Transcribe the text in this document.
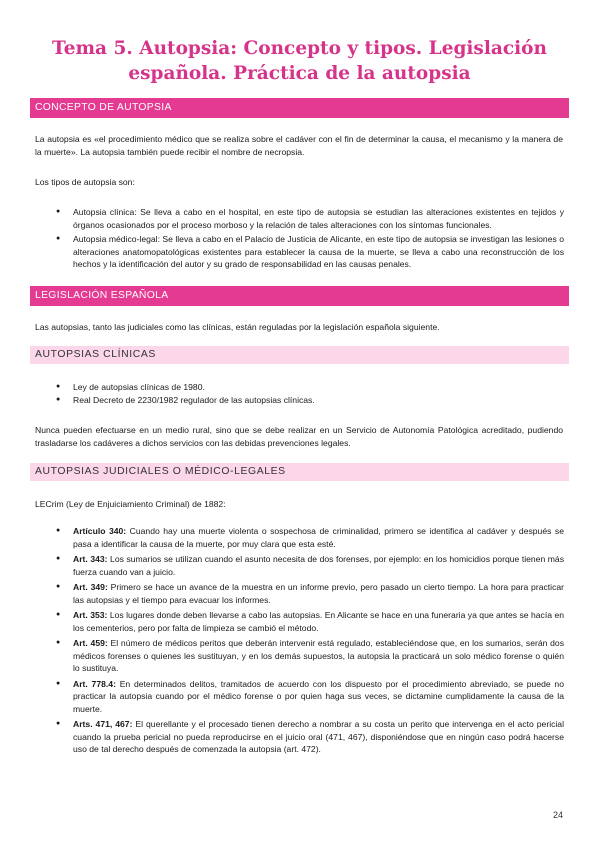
Tema 5. Autopsia: Concepto y tipos. Legislación española. Práctica de la autopsia
CONCEPTO DE AUTOPSIA

La autopsia es «el procedimiento médico que se realiza sobre el cadáver con el fin de determinar la causa, el mecanismo y la manera de la muerte». La autopsia también puede recibir el nombre de necropsia.

Los tipos de autopsia son:

● Autopsia clínica: Se lleva a cabo en el hospital, en este tipo de autopsia se estudian las alteraciones existentes en tejidos y órganos ocasionados por el proceso morboso y la relación de tales alteraciones con los síntomas funcionales.
● Autopsia médico-legal: Se lleva a cabo en el Palacio de Justicia de Alicante, en este tipo de autopsia se investigan las lesiones o alteraciones anatomopatológicas existentes para establecer la causa de la muerte, se lleva a cabo una reconstrucción de los hechos y la identificación del autor y su grado de responsabilidad en las causas penales.
LEGISLACIÓN ESPAÑOLA

Las autopsias, tanto las judiciales como las clínicas, están reguladas por la legislación española siguiente.

AUTOPSIAS CLÍNICAS
● Ley de autopsias clínicas de 1980.
● Real Decreto de 2230/1982 regulador de las autopsias clínicas.

Nunca pueden efectuarse en un medio rural, sino que se debe realizar en un Servicio de Autonomía Patológica acreditado, pudiendo trasladarse los cadáveres a dichos servicios con las debidas prevenciones legales.

AUTOPSIAS JUDICIALES O MÉDICO-LEGALES

LECrim (Ley de Enjuiciamiento Criminal) de 1882:

● Artículo 340: Cuando hay una muerte violenta o sospechosa de criminalidad, primero se identifica al cadáver y después se pasa a identificar la causa de la muerte, por muy clara que esta esté.
● Art. 343: Los sumarios se utilizan cuando el asunto necesita de dos forenses, por ejemplo: en los homicidios porque tienen más fuerza cuando van a juicio.
● Art. 349: Primero se hace un avance de la muestra en un informe previo, pero pasado un cierto tiempo. La hora para practicar las autopsias y el tiempo para evacuar los informes.
● Art. 353: Los lugares donde deben llevarse a cabo las autopsias. En Alicante se hace en una funeraria ya que antes se hacía en los cementerios, pero por falta de limpieza se cambió el método.
● Art. 459: El número de médicos peritos que deberán intervenir está regulado, estableciéndose que, en los sumarios, serán dos médicos forenses o quienes les sustituyan, y en los demás supuestos, la autopsia la practicará un solo médico forense o quién lo sustituya.
● Art. 778.4: En determinados delitos, tramitados de acuerdo con los dispuesto por el procedimiento abreviado, se puede no practicar la autopsia cuando por el médico forense o por quien haga sus veces, se dictamine cumplidamente la causa de la muerte.
● Arts. 471, 467: El querellante y el procesado tienen derecho a nombrar a su costa un perito que intervenga en el acto pericial cuando la prueba pericial no pueda reproducirse en el juicio oral (471, 467), disponiéndose que en ningún caso podrá hacerse uso de tal derecho después de comenzada la autopsia (art. 472).
24
